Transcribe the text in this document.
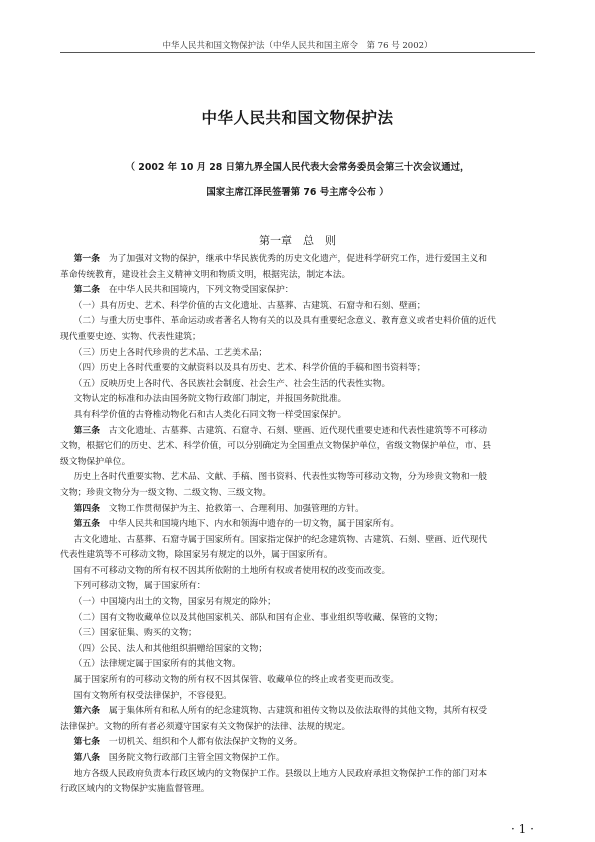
中华人民共和国文物保护法（中华人民共和国主席令　第 76 号 2002）
中华人民共和国文物保护法
（ 2002 年 10 月 28 日第九界全国人民代表大会常务委员会第三十次会议通过，
国家主席江泽民签署第 76 号主席令公布 ）
第一章　总　则

第一条　为了加强对文物的保护，继承中华民族优秀的历史文化遗产，促进科学研究工作，进行爱国主义和

革命传统教育，建设社会主义精神文明和物质文明，根据宪法，制定本法。

第二条　在中华人民共和国境内，下列文物受国家保护：

（一）具有历史、艺术、科学价值的古文化遗址、古墓葬、古建筑、石窟寺和石刻、壁画；

（二）与重大历史事件、革命运动或者著名人物有关的以及具有重要纪念意义、教育意义或者史料价值的近代

现代重要史迹、实物、代表性建筑；

（三）历史上各时代珍贵的艺术品、工艺美术品；

（四）历史上各时代重要的文献资料以及具有历史、艺术、科学价值的手稿和图书资料等；

（五）反映历史上各时代、各民族社会制度、社会生产、社会生活的代表性实物。

文物认定的标准和办法由国务院文物行政部门制定，并报国务院批准。

具有科学价值的古脊椎动物化石和古人类化石同文物一样受国家保护。

第三条　古文化遗址、古墓葬、古建筑、石窟寺、石刻、壁画、近代现代重要史迹和代表性建筑等不可移动

文物，根据它们的历史、艺术、科学价值，可以分别确定为全国重点文物保护单位，省级文物保护单位，市、县

级文物保护单位。

历史上各时代重要实物、艺术品、文献、手稿、图书资料、代表性实物等可移动文物，分为珍贵文物和一般

文物；珍贵文物分为一级文物、二级文物、三级文物。

第四条　文物工作贯彻保护为主、抢救第一、合理利用、加强管理的方针。

第五条　中华人民共和国境内地下、内水和领海中遗存的一切文物，属于国家所有。

古文化遗址、古墓葬、石窟寺属于国家所有。国家指定保护的纪念建筑物、古建筑、石刻、壁画、近代现代

代表性建筑等不可移动文物，除国家另有规定的以外，属于国家所有。

国有不可移动文物的所有权不因其所依附的土地所有权或者使用权的改变而改变。

下列可移动文物，属于国家所有：

（一）中国境内出土的文物，国家另有规定的除外；

（二）国有文物收藏单位以及其他国家机关、部队和国有企业、事业组织等收藏、保管的文物；

（三）国家征集、购买的文物；

（四）公民、法人和其他组织捐赠给国家的文物；

（五）法律规定属于国家所有的其他文物。

属于国家所有的可移动文物的所有权不因其保管、收藏单位的终止或者变更而改变。

国有文物所有权受法律保护，不容侵犯。

第六条　属于集体所有和私人所有的纪念建筑物、古建筑和祖传文物以及依法取得的其他文物，其所有权受

法律保护。文物的所有者必须遵守国家有关文物保护的法律、法规的规定。

第七条　一切机关、组织和个人都有依法保护文物的义务。

第八条　国务院文物行政部门主管全国文物保护工作。

地方各级人民政府负责本行政区域内的文物保护工作。县级以上地方人民政府承担文物保护工作的部门对本

行政区域内的文物保护实施监督管理。

· 1 ·
